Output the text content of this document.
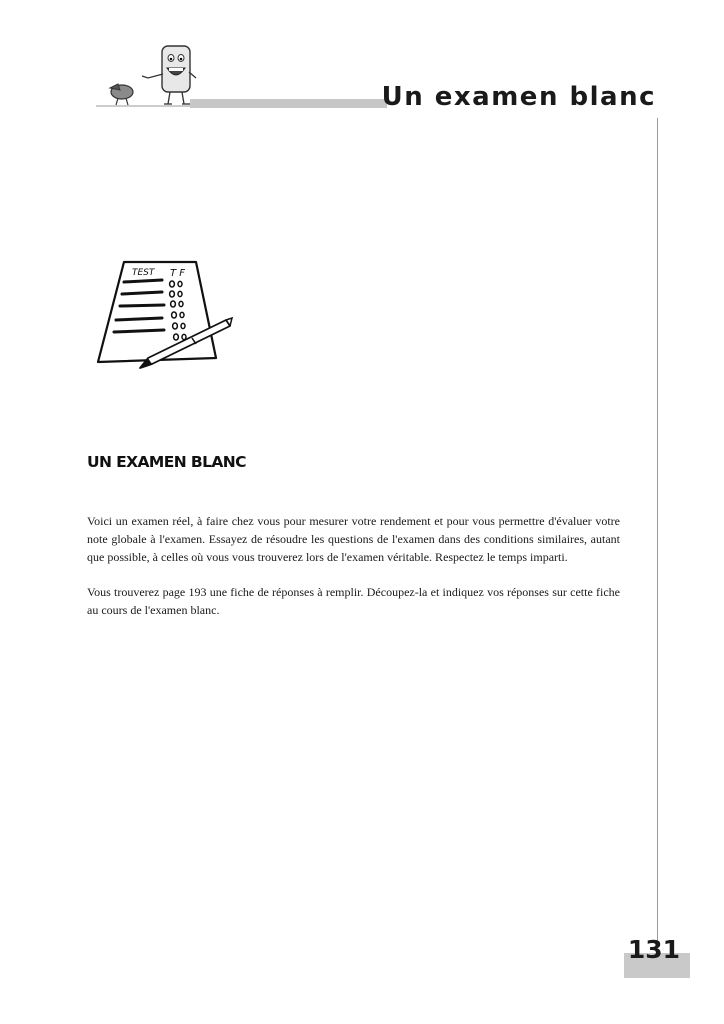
Un examen blanc
TEST T F
UN EXAMEN BLANC

Voici un examen réel, à faire chez vous pour mesurer votre rendement et pour vous permettre d'évaluer votre note globale à l'examen. Essayez de résoudre les questions de l'examen dans des conditions similaires, autant que possible, à celles où vous vous trouverez lors de l'examen véritable. Respectez le temps imparti.

Vous trouverez page 193 une fiche de réponses à remplir. Découpez-la et indiquez vos réponses sur cette fiche au cours de l'examen blanc.

131
